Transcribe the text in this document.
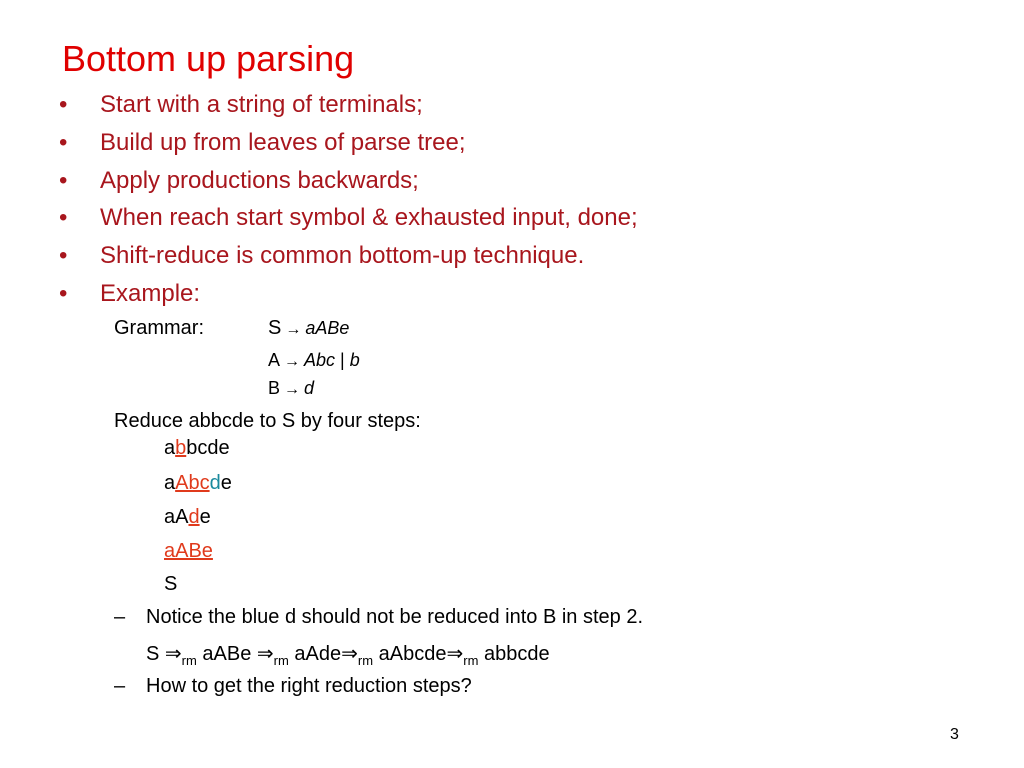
Bottom up parsing
• Start with a string of terminals;
• Build up from leaves of parse tree;
• Apply productions backwards;
• When reach start symbol & exhausted input, done;
• Shift-reduce is common bottom-up technique.
• Example:
Grammar:	S → aABe
A → Abc | b
B → d
Reduce abbcde to S by four steps:
abbcde
aAbcde
aAde
aABe
S
– Notice the blue d should not be reduced into B in step 2.
S $\Rightarrow_{rm}$ aABe $\Rightarrow_{rm}$ $aAde\Rightarrow_{rm}$ $aAbcde\Rightarrow_{rm}$ abbcde
– How to get the right reduction steps?
3
